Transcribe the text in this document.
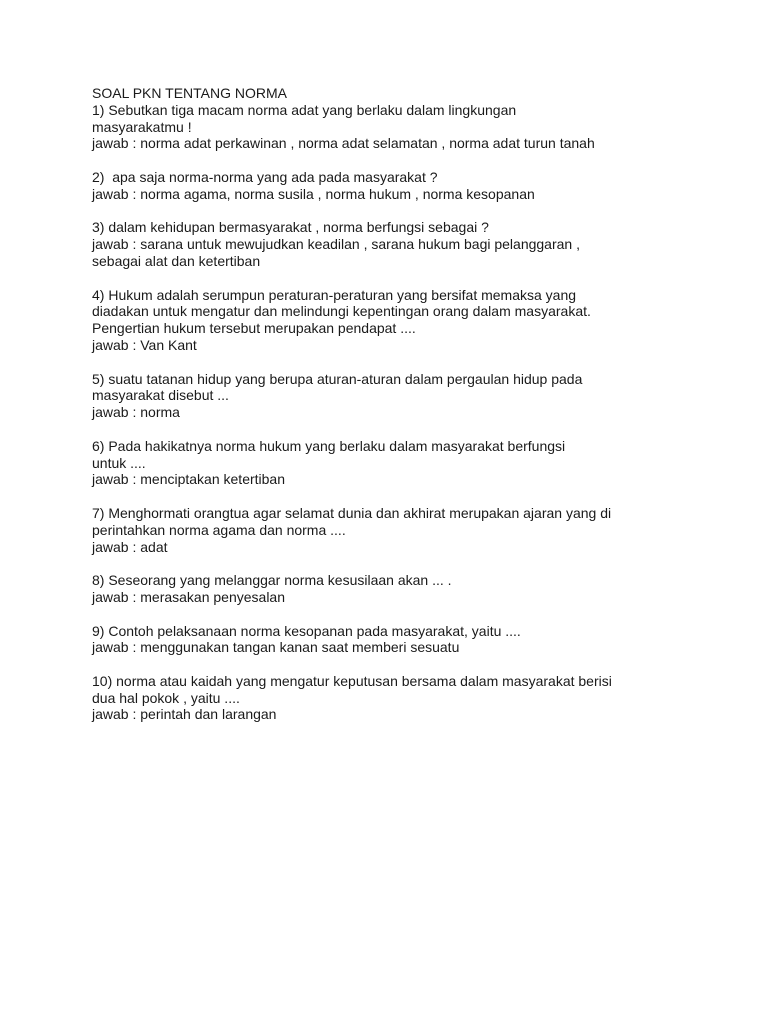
SOAL PKN TENTANG NORMA
1) Sebutkan tiga macam norma adat yang berlaku dalam lingkungan
masyarakatmu !
jawab : norma adat perkawinan , norma adat selamatan , norma adat turun tanah
2)  apa saja norma-norma yang ada pada masyarakat ?
jawab : norma agama, norma susila , norma hukum , norma kesopanan
3) dalam kehidupan bermasyarakat , norma berfungsi sebagai ?
jawab : sarana untuk mewujudkan keadilan , sarana hukum bagi pelanggaran ,
sebagai alat dan ketertiban
4) Hukum adalah serumpun peraturan-peraturan yang bersifat memaksa yang
diadakan untuk mengatur dan melindungi kepentingan orang dalam masyarakat.
Pengertian hukum tersebut merupakan pendapat ....
jawab : Van Kant
5) suatu tatanan hidup yang berupa aturan-aturan dalam pergaulan hidup pada
masyarakat disebut ...
jawab : norma
6) Pada hakikatnya norma hukum yang berlaku dalam masyarakat berfungsi
untuk ....
jawab : menciptakan ketertiban
7) Menghormati orangtua agar selamat dunia dan akhirat merupakan ajaran yang di
perintahkan norma agama dan norma ....
jawab : adat
8) Seseorang yang melanggar norma kesusilaan akan ... .
jawab : merasakan penyesalan
9) Contoh pelaksanaan norma kesopanan pada masyarakat, yaitu ....
jawab : menggunakan tangan kanan saat memberi sesuatu
10) norma atau kaidah yang mengatur keputusan bersama dalam masyarakat berisi
dua hal pokok , yaitu ....
jawab : perintah dan larangan
